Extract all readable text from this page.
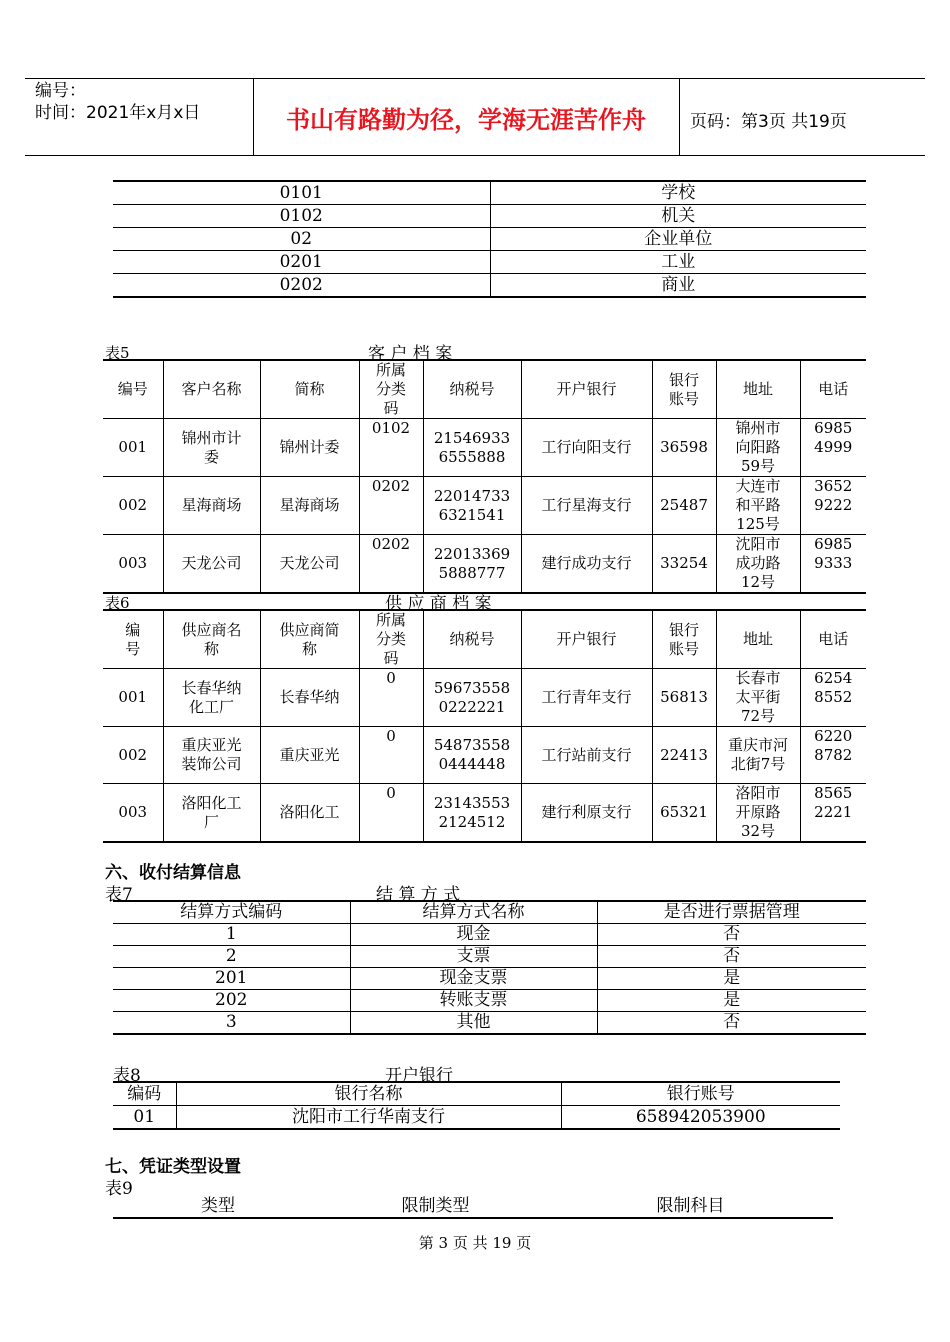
编号：
时间：2021年x月x日	书山有路勤为径，学海无涯苦作舟	页码：第3页 共19页
0101	学校
0102	机关
02	企业单位
0201	工业
0202	商业
表5	客 户 档 案
编号	客户名称	简称	所属分类码	纳税号	开户银行	银行账号	地址	电话
001	锦州市计委	锦州计委	0102	215469336555888	工行向阳支行	36598	锦州市向阳路59号	69854999

002	星海商场	星海商场	0202	220147336321541	工行星海支行	25487	大连市和平路125号	36529222

003	天龙公司	天龙公司	0202	220133695888777	建行成功支行	33254	沈阳市成功路12号	69859333
表6	供 应 商 档 案
编号	供应商名称	供应商简称	所属分类码	纳税号	开户银行	银行账号	地址	电话
001	长春华纳化工厂	长春华纳	0	596735580222221	工行青年支行	56813	长春市太平街72号	62548552

002	重庆亚光装饰公司	重庆亚光	0	548735580444448	工行站前支行	22413	重庆市河北街7号	62208782

003	洛阳化工厂	洛阳化工	0	231435532124512	建行利原支行	65321	洛阳市开原路32号	85652221
六、收付结算信息
表7	结 算 方 式
结算方式编码	结算方式名称	是否进行票据管理
1	现金	否
2	支票	否
201	现金支票	是
202	转账支票	是
3	其他	否
表8	开户银行
编码	银行名称	银行账号
01	沈阳市工行华南支行	658942053900
七、凭证类型设置
表9
类型	限制类型	限制科目
第 3 页 共 19 页
